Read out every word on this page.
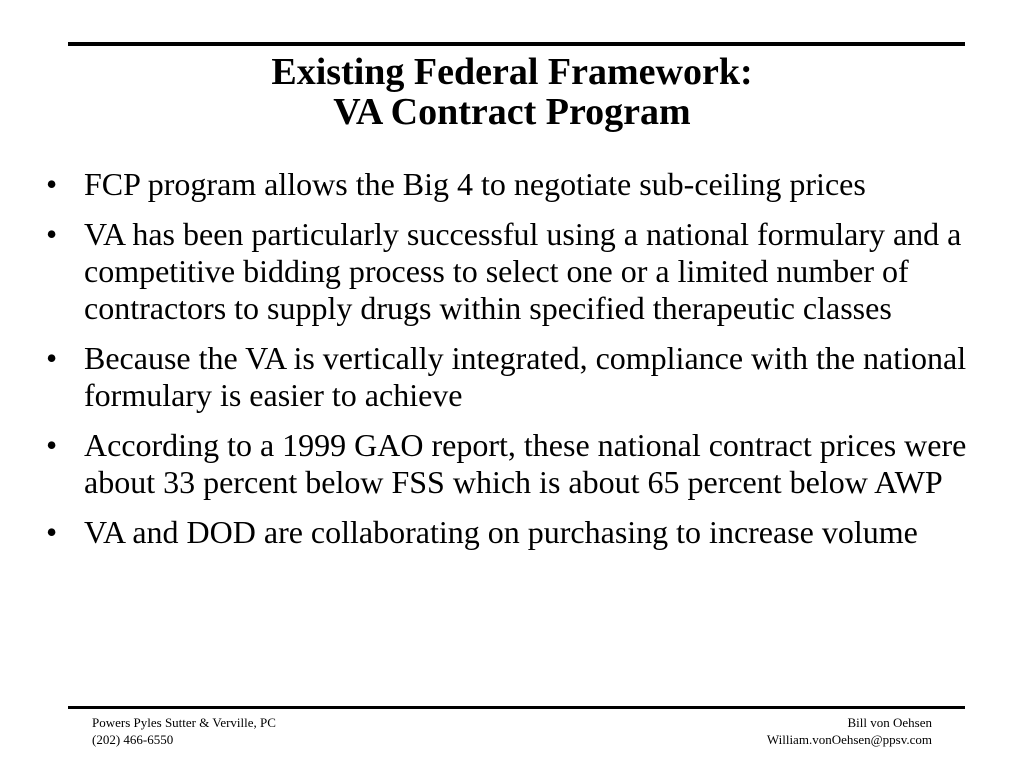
Existing Federal Framework:
VA Contract Program
• FCP program allows the Big 4 to negotiate sub-ceiling prices
• VA has been particularly successful using a national formulary and a competitive bidding process to select one or a limited number of contractors to supply drugs within specified therapeutic classes
• Because the VA is vertically integrated, compliance with the national formulary is easier to achieve
• According to a 1999 GAO report, these national contract prices were about 33 percent below FSS which is about 65 percent below AWP
• VA and DOD are collaborating on purchasing to increase volume
Powers Pyles Sutter & Verville, PC
(202) 466-6550
Bill von Oehsen
William.vonOehsen@ppsv.com
